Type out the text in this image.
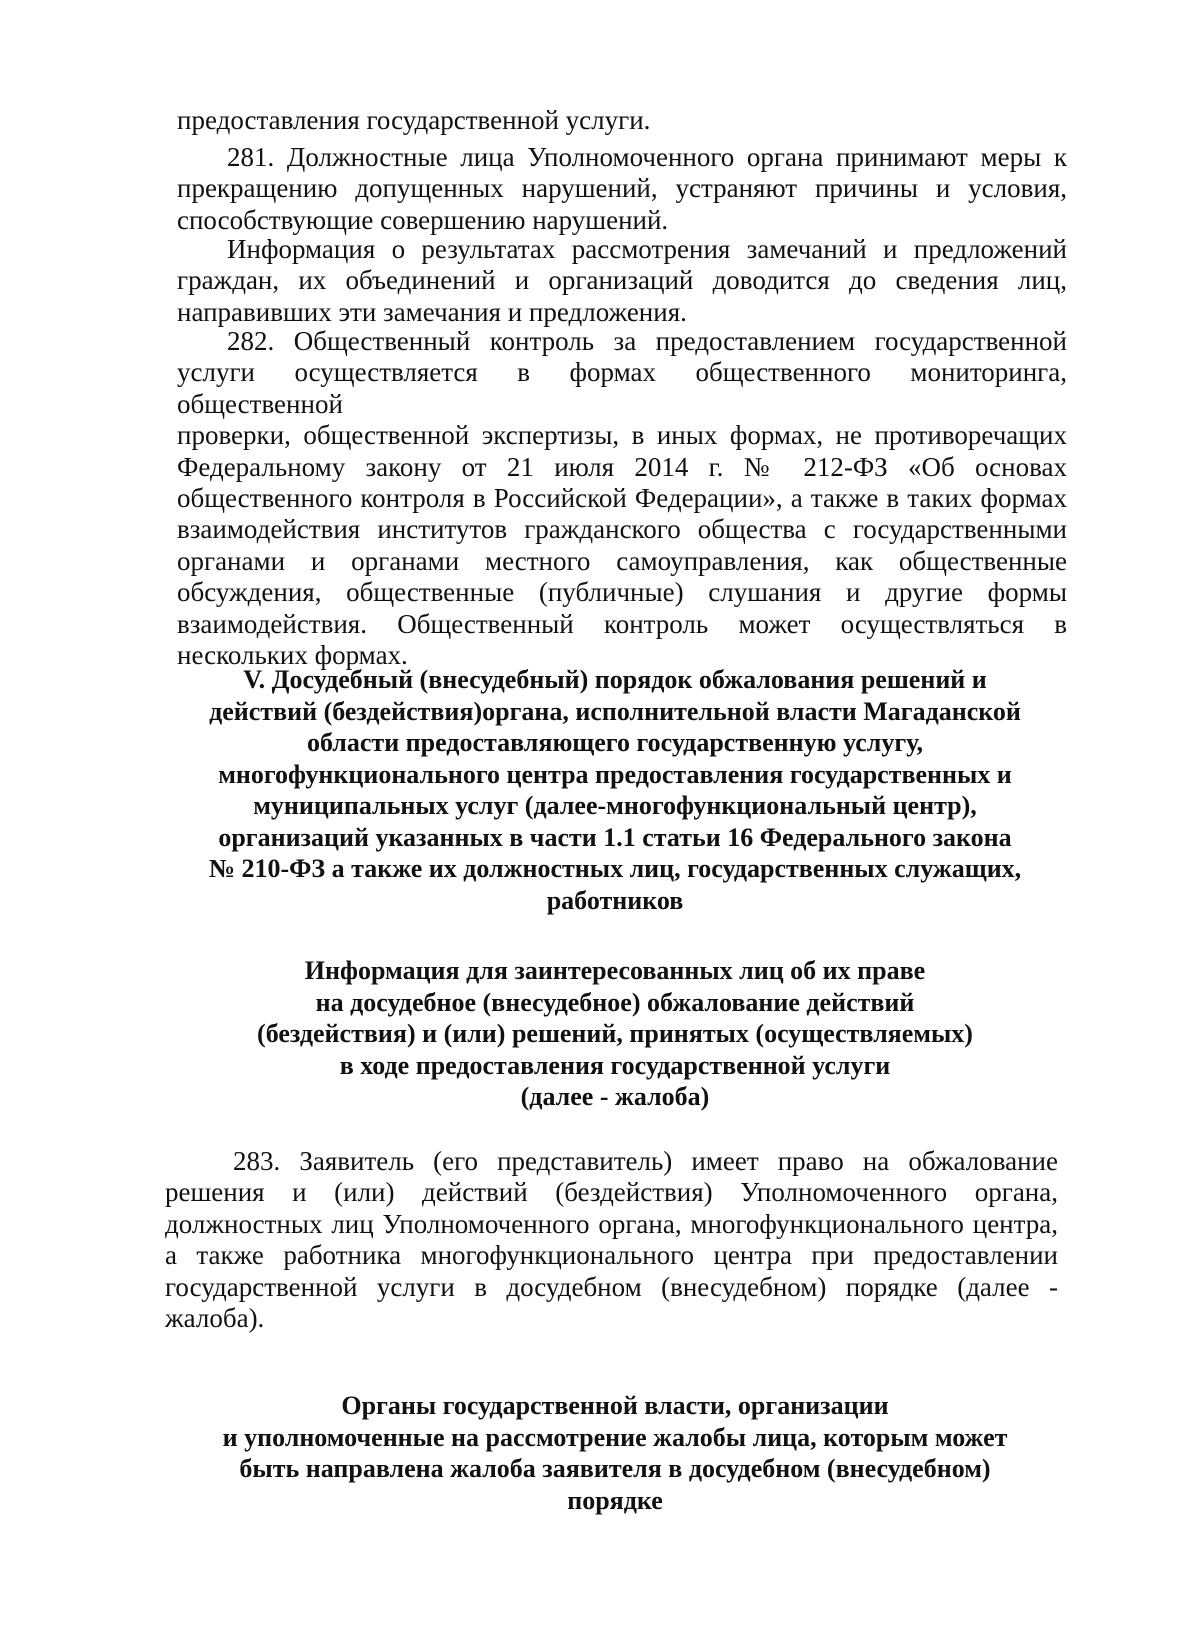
предоставления государственной услуги.
281. Должностные лица Уполномоченного органа принимают меры к
прекращению допущенных нарушений, устраняют причины и условия,
способствующие совершению нарушений.
Информация о результатах рассмотрения замечаний и предложений
граждан, их объединений и организаций доводится до сведения лиц,
направивших эти замечания и предложения.
282. Общественный контроль за предоставлением государственной
услуги осуществляется в формах общественного мониторинга, общественной
проверки, общественной экспертизы, в иных формах, не противоречащих
Федеральному закону от 21 июля 2014 г. № 212-ФЗ «Об основах
общественного контроля в Российской Федерации», а также в таких формах
взаимодействия институтов гражданского общества с государственными
органами и органами местного самоуправления, как общественные
обсуждения, общественные (публичные) слушания и другие формы
взаимодействия. Общественный контроль может осуществляться в
нескольких формах.
V. Досудебный (внесудебный) порядок обжалования решений и
действий (бездействия)органа, исполнительной власти Магаданской
области предоставляющего государственную услугу,
многофункционального центра предоставления государственных и
муниципальных услуг (далее-многофункциональный центр),
организаций указанных в части 1.1 статьи 16 Федерального закона
№ 210-ФЗ а также их должностных лиц, государственных служащих,
работников
Информация для заинтересованных лиц об их праве
на досудебное (внесудебное) обжалование действий
(бездействия) и (или) решений, принятых (осуществляемых)
в ходе предоставления государственной услуги
(далее - жалоба)
283. Заявитель (его представитель) имеет право на обжалование
решения и (или) действий (бездействия) Уполномоченного органа,
должностных лиц Уполномоченного органа, многофункционального центра,
а также работника многофункционального центра при предоставлении
государственной услуги в досудебном (внесудебном) порядке (далее -
жалоба).
Органы государственной власти, организации
и уполномоченные на рассмотрение жалобы лица, которым может
быть направлена жалоба заявителя в досудебном (внесудебном)
порядке
